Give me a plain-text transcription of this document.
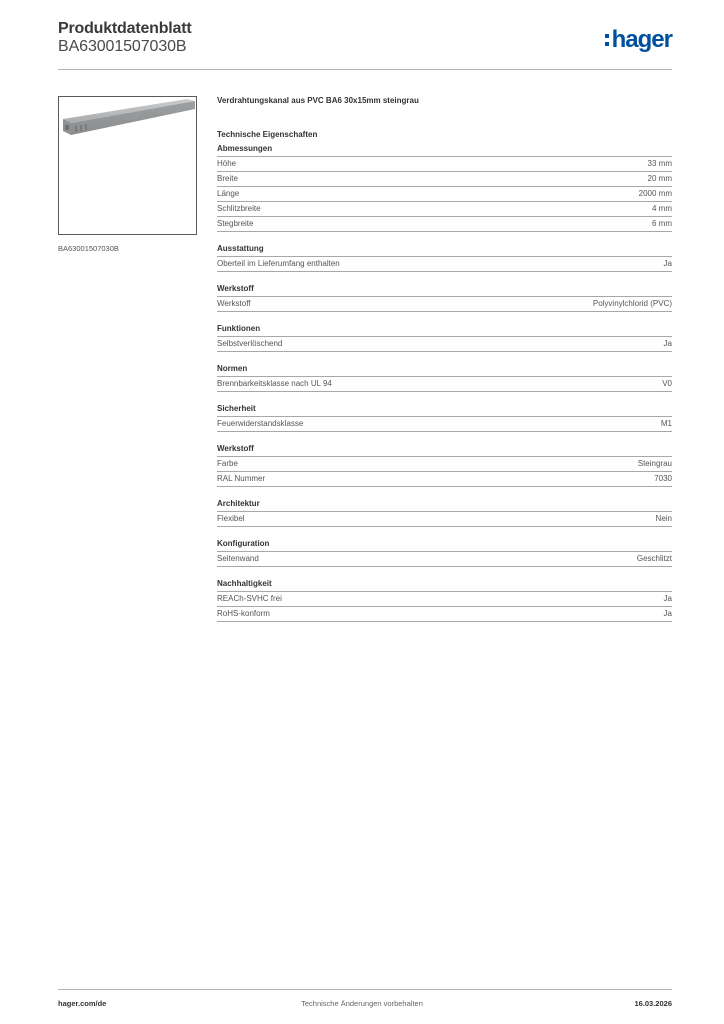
Produktdatenblatt
BA63001507030B	hager
BA63001507030B
Verdrahtungskanal aus PVC BA6 30x15mm steingrau
Technische Eigenschaften
Abmessungen
Höhe	33 mm
Breite	20 mm
Länge	2000 mm
Schlitzbreite	4 mm
Stegbreite	6 mm
Ausstattung
Oberteil im Lieferumfang enthalten	Ja
Werkstoff
Werkstoff	Polyvinylchlorid (PVC)
Funktionen
Selbstverlöschend	Ja
Normen
Brennbarkeitsklasse nach UL 94	V0
Sicherheit
Feuerwiderstandsklasse	M1
Werkstoff
Farbe	Steingrau
RAL Nummer	7030
Architektur
Flexibel	Nein
Konfiguration
Seitenwand	Geschlitzt
Nachhaltigkeit
REACh-SVHC frei	Ja
RoHS-konform	Ja
hager.com/de	Technische Änderungen vorbehalten	16.03.2026
